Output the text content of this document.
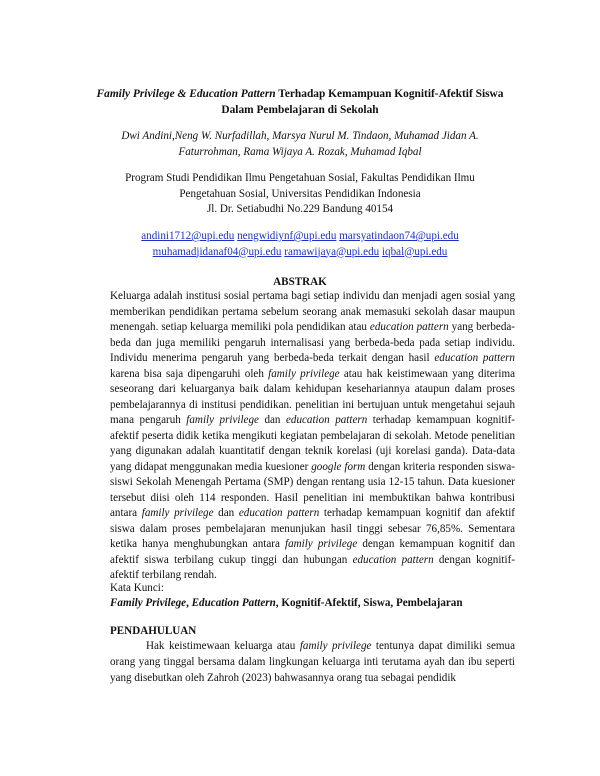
Family Privilege & Education Pattern Terhadap Kemampuan Kognitif-Afektif Siswa Dalam Pembelajaran di Sekolah
Dwi Andini,Neng W. Nurfadillah, Marsya Nurul M. Tindaon, Muhamad Jidan A. Faturrohman, Rama Wijaya A. Rozak, Muhamad Iqbal
Program Studi Pendidikan Ilmu Pengetahuan Sosial, Fakultas Pendidikan Ilmu
Pengetahuan Sosial, Universitas Pendidikan Indonesia
Jl. Dr. Setiabudhi No.229 Bandung 40154
andini1712@upi.edu nengwidiynf@upi.edu marsyatindaon74@upi.edu
muhamadjidanaf04@upi.edu ramawijaya@upi.edu iqbal@upi.edu
ABSTRAK
Keluarga adalah institusi sosial pertama bagi setiap individu dan menjadi agen sosial yang memberikan pendidikan pertama sebelum seorang anak memasuki sekolah dasar maupun menengah. setiap keluarga memiliki pola pendidikan atau education pattern yang berbeda-beda dan juga memiliki pengaruh internalisasi yang berbeda-beda pada setiap individu. Individu menerima pengaruh yang berbeda-beda terkait dengan hasil education pattern karena bisa saja dipengaruhi oleh family privilege atau hak keistimewaan yang diterima seseorang dari keluarganya baik dalam kehidupan kesehariannya ataupun dalam proses pembelajarannya di institusi pendidikan. penelitian ini bertujuan untuk mengetahui sejauh mana pengaruh family privilege dan education pattern terhadap kemampuan kognitif-afektif peserta didik ketika mengikuti kegiatan pembelajaran di sekolah. Metode penelitian yang digunakan adalah kuantitatif dengan teknik korelasi (uji korelasi ganda). Data-data yang didapat menggunakan media kuesioner google form dengan kriteria responden siswa-siswi Sekolah Menengah Pertama (SMP) dengan rentang usia 12-15 tahun. Data kuesioner tersebut diisi oleh 114 responden. Hasil penelitian ini membuktikan bahwa kontribusi antara family privilege dan education pattern terhadap kemampuan kognitif dan afektif siswa dalam proses pembelajaran menunjukan hasil tinggi sebesar 76,85%. Sementara ketika hanya menghubungkan antara family privilege dengan kemampuan kognitif dan afektif siswa terbilang cukup tinggi dan hubungan education pattern dengan kognitif-afektif terbilang rendah.
Kata Kunci:
Family Privilege, Education Pattern, Kognitif-Afektif, Siswa, Pembelajaran
PENDAHULUAN
Hak keistimewaan keluarga atau family privilege tentunya dapat dimiliki semua orang yang tinggal bersama dalam lingkungan keluarga inti terutama ayah dan ibu seperti yang disebutkan oleh Zahroh (2023) bahwasannya orang tua sebagai pendidik
